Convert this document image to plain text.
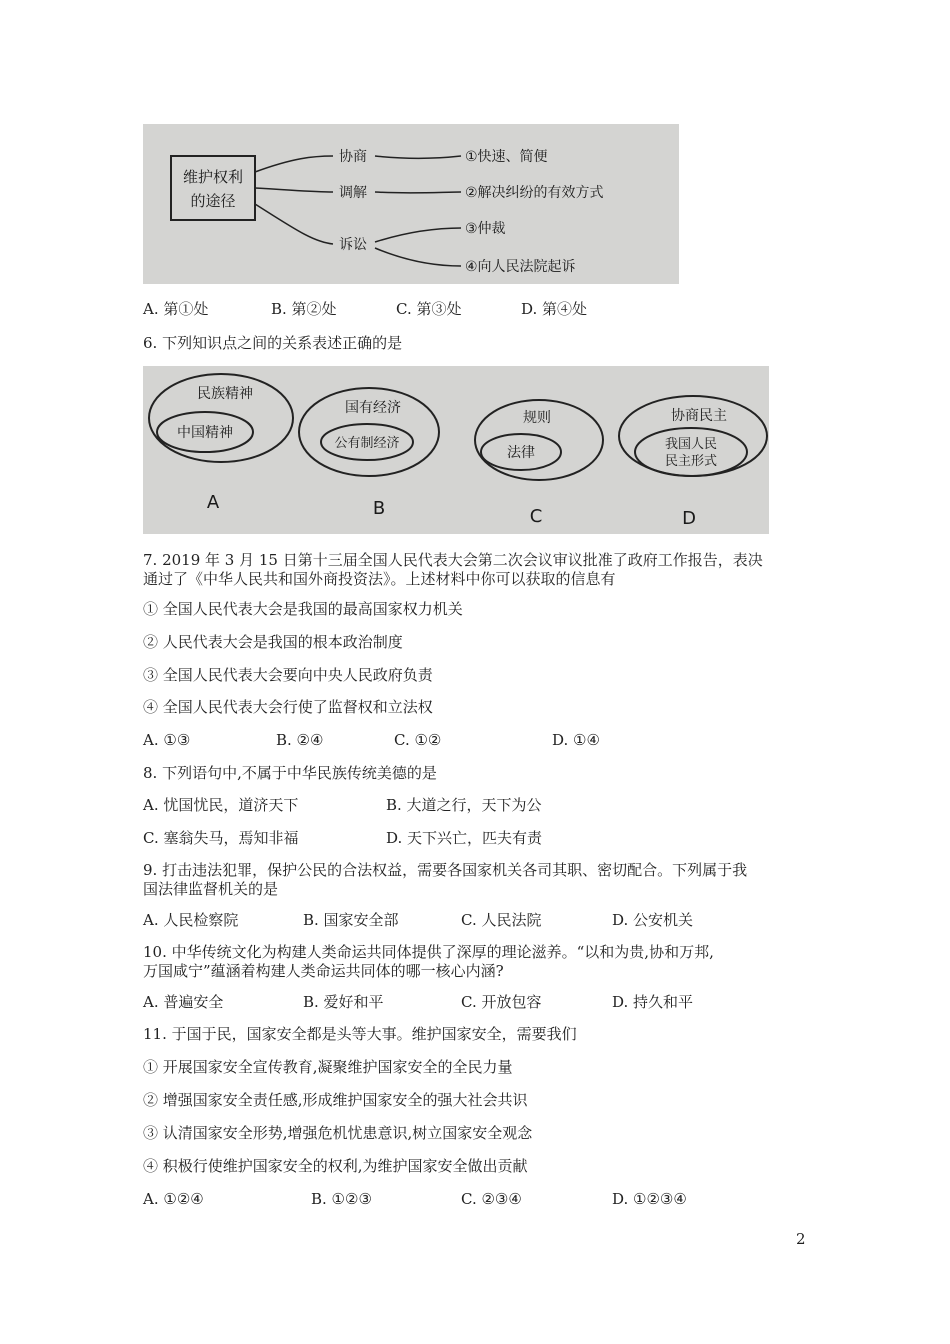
维护权利
的途径
协商
调解
诉讼
①快速、简便
②解决纠纷的有效方式
③仲裁
④向人民法院起诉
A. 第①处	B. 第②处	C. 第③处	D. 第④处
6. 下列知识点之间的关系表述正确的是
民族精神
中国精神
A
国有经济
公有制经济
B
规则
法律
C
协商民主
我国人民
民主形式
D
7. 2019 年 3 月 15 日第十三届全国人民代表大会第二次会议审议批准了政府工作报告，表决
通过了《中华人民共和国外商投资法》。上述材料中你可以获取的信息有
① 全国人民代表大会是我国的最高国家权力机关
② 人民代表大会是我国的根本政治制度
③ 全国人民代表大会要向中央人民政府负责
④ 全国人民代表大会行使了监督权和立法权
A. ①③	B. ②④	C. ①②	D. ①④
8. 下列语句中,不属于中华民族传统美德的是
A. 忧国忧民，道济天下	B. 大道之行，天下为公
C. 塞翁失马，焉知非福	D. 天下兴亡，匹夫有责
9. 打击违法犯罪，保护公民的合法权益，需要各国家机关各司其职、密切配合。下列属于我
国法律监督机关的是
A. 人民检察院	B. 国家安全部	C. 人民法院	D. 公安机关
10. 中华传统文化为构建人类命运共同体提供了深厚的理论滋养。“以和为贵,协和万邦,
万国咸宁”蕴涵着构建人类命运共同体的哪一核心内涵?
A. 普遍安全	B. 爱好和平	C. 开放包容	D. 持久和平
11. 于国于民，国家安全都是头等大事。维护国家安全，需要我们
① 开展国家安全宣传教育,凝聚维护国家安全的全民力量
② 增强国家安全责任感,形成维护国家安全的强大社会共识
③ 认清国家安全形势,增强危机忧患意识,树立国家安全观念
④ 积极行使维护国家安全的权利,为维护国家安全做出贡献
A. ①②④	B. ①②③	C. ②③④	D. ①②③④
2
